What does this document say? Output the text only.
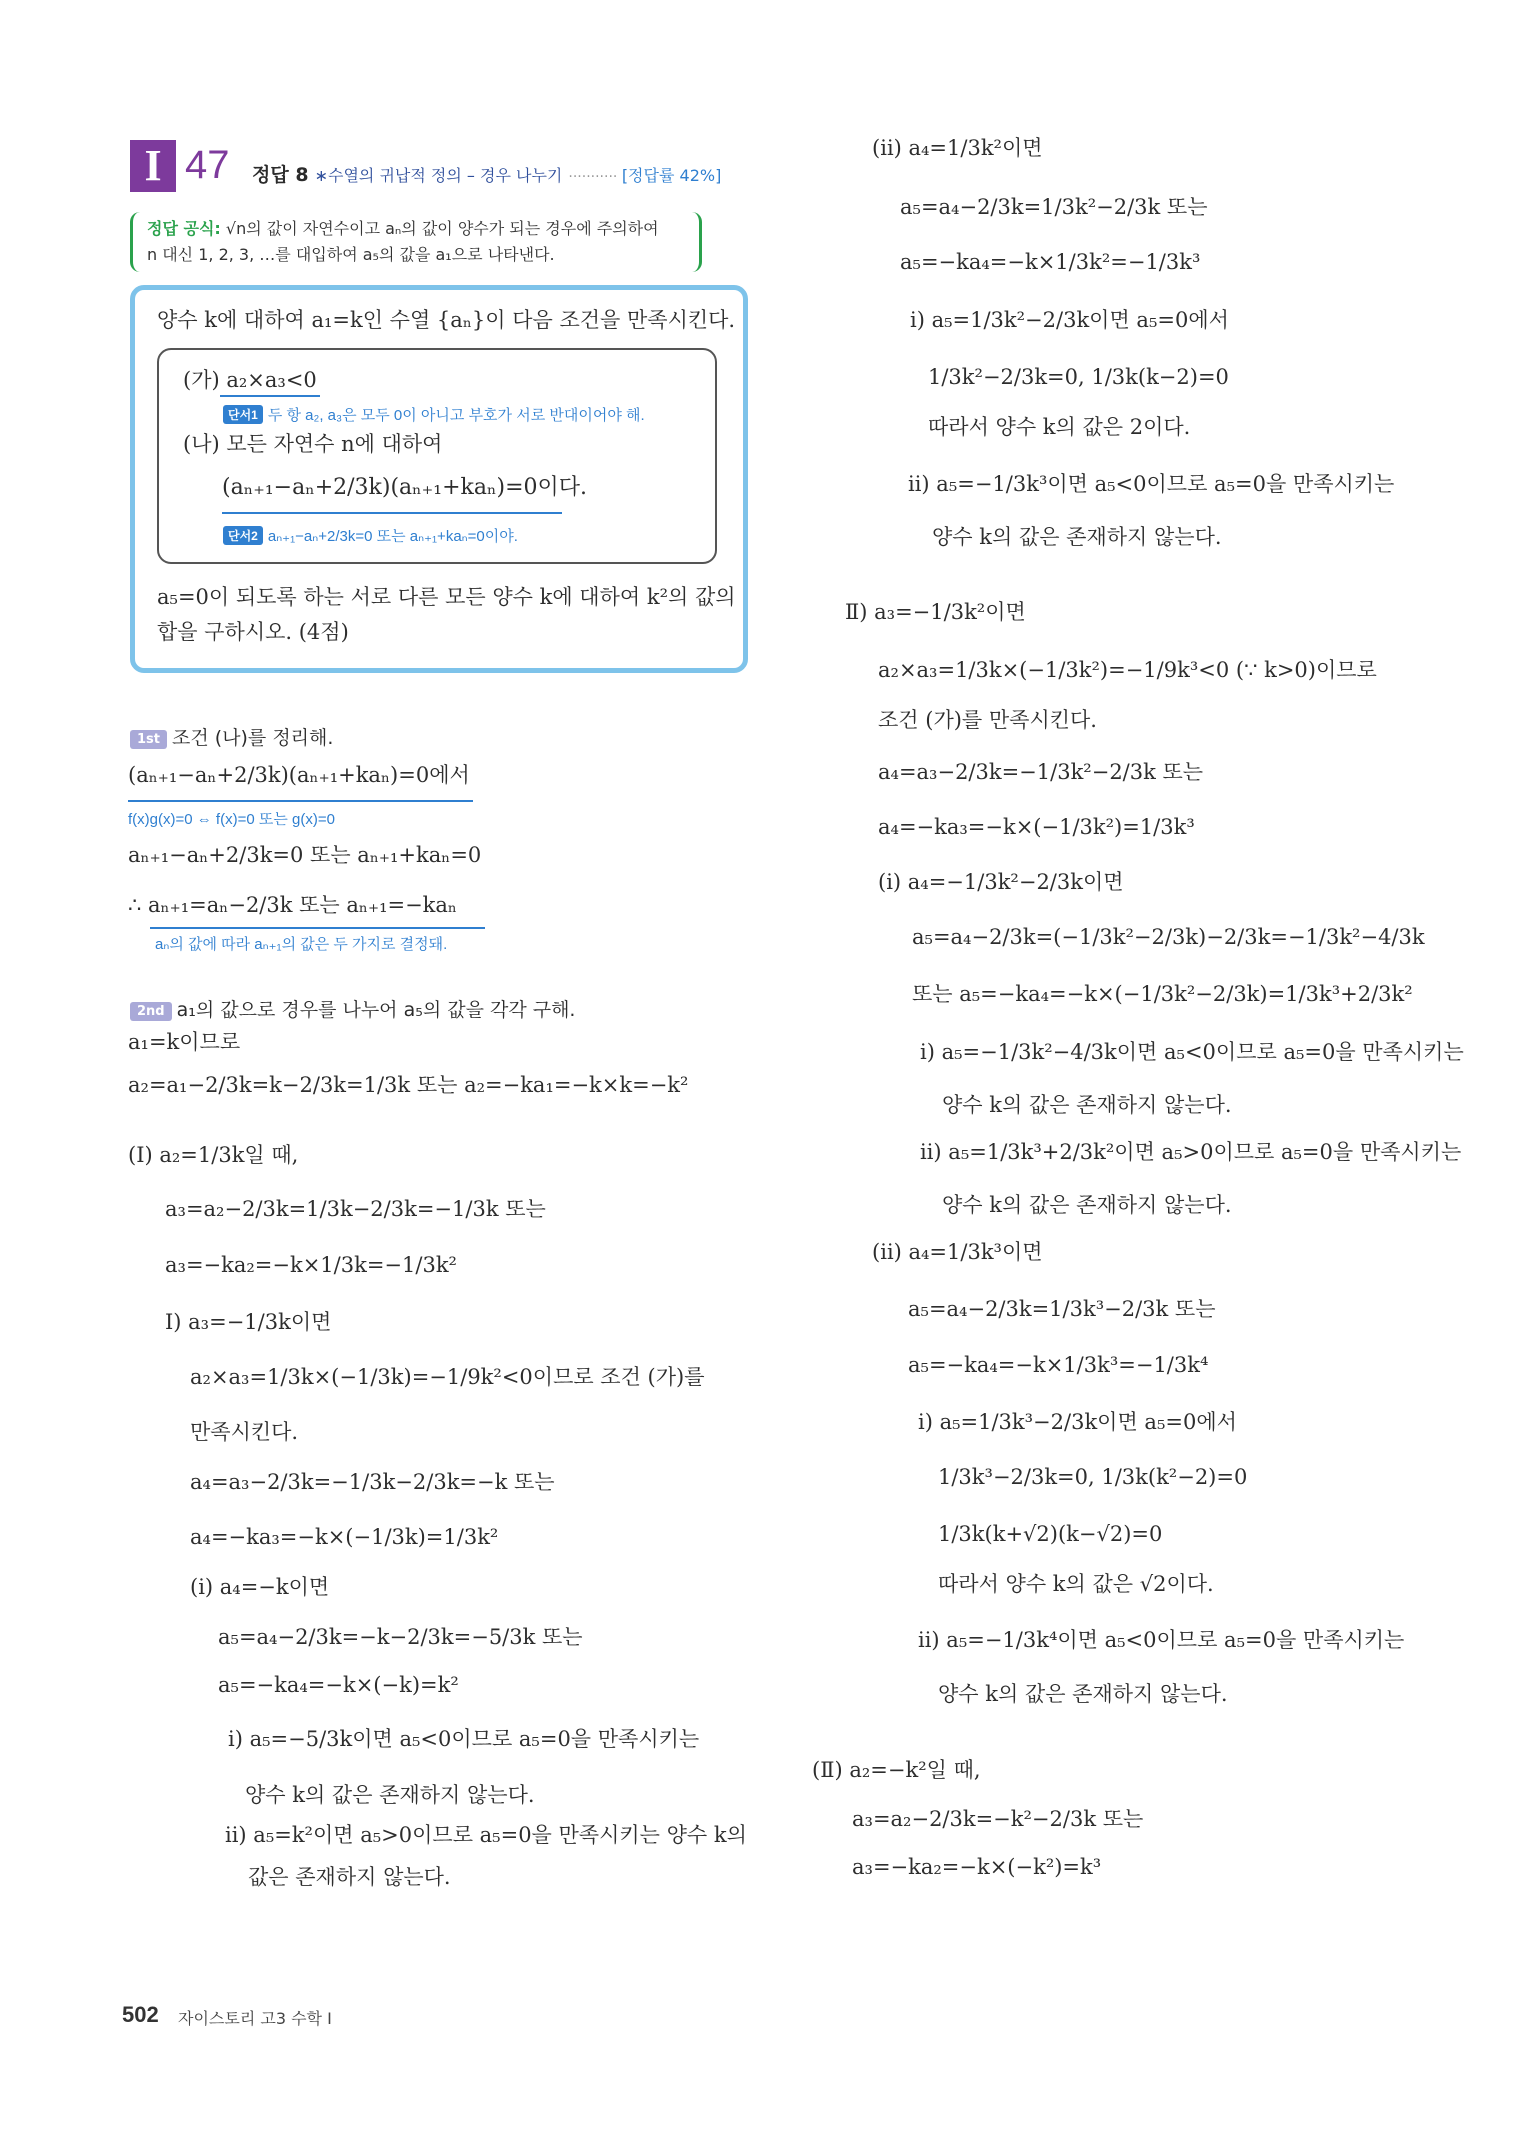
I 47 정답 8 ∗수열의 귀납적 정의 – 경우 나누기 ··········· [정답률 42%]
정답 공식: √n의 값이 자연수이고 aₙ의 값이 양수가 되는 경우에 주의하여
n 대신 1, 2, 3, …를 대입하여 a₅의 값을 a₁으로 나타낸다.
양수 k에 대하여 a₁=k인 수열 {aₙ}이 다음 조건을 만족시킨다.
(가) a₂×a₃<0
단서1 두 항 a₂, a₃은 모두 0이 아니고 부호가 서로 반대이어야 해.
(나) 모든 자연수 n에 대하여
(aₙ₊₁−aₙ+2/3k)(aₙ₊₁+kaₙ)=0이다.
단서2 aₙ₊₁−aₙ+2/3k=0 또는 aₙ₊₁+kaₙ=0이야.
a₅=0이 되도록 하는 서로 다른 모든 양수 k에 대하여 k²의 값의
합을 구하시오. (4점)
1st 조건 (나)를 정리해.
(aₙ₊₁−aₙ+2/3k)(aₙ₊₁+kaₙ)=0에서
f(x)g(x)=0 ⇔ f(x)=0 또는 g(x)=0
aₙ₊₁−aₙ+2/3k=0 또는 aₙ₊₁+kaₙ=0
∴ aₙ₊₁=aₙ−2/3k 또는 aₙ₊₁=−kaₙ
aₙ의 값에 따라 aₙ₊₁의 값은 두 가지로 결정돼.
2nd a₁의 값으로 경우를 나누어 a₅의 값을 각각 구해.
a₁=k이므로
a₂=a₁−2/3k=k−2/3k=1/3k 또는 a₂=−ka₁=−k×k=−k²
(Ⅰ) a₂=1/3k일 때,
a₃=a₂−2/3k=1/3k−2/3k=−1/3k 또는
a₃=−ka₂=−k×1/3k=−1/3k²
Ⅰ) a₃=−1/3k이면
a₂×a₃=1/3k×(−1/3k)=−1/9k²<0이므로 조건 (가)를
만족시킨다.
a₄=a₃−2/3k=−1/3k−2/3k=−k 또는
a₄=−ka₃=−k×(−1/3k)=1/3k²
(ⅰ) a₄=−k이면
a₅=a₄−2/3k=−k−2/3k=−5/3k 또는
a₅=−ka₄=−k×(−k)=k²
ⅰ) a₅=−5/3k이면 a₅<0이므로 a₅=0을 만족시키는
양수 k의 값은 존재하지 않는다.
ⅱ) a₅=k²이면 a₅>0이므로 a₅=0을 만족시키는 양수 k의
값은 존재하지 않는다.
(ⅱ) a₄=1/3k²이면
a₅=a₄−2/3k=1/3k²−2/3k 또는
a₅=−ka₄=−k×1/3k²=−1/3k³
ⅰ) a₅=1/3k²−2/3k이면 a₅=0에서
1/3k²−2/3k=0, 1/3k(k−2)=0
따라서 양수 k의 값은 2이다.
ⅱ) a₅=−1/3k³이면 a₅<0이므로 a₅=0을 만족시키는
양수 k의 값은 존재하지 않는다.
Ⅱ) a₃=−1/3k²이면
a₂×a₃=1/3k×(−1/3k²)=−1/9k³<0 (∵ k>0)이므로
조건 (가)를 만족시킨다.
a₄=a₃−2/3k=−1/3k²−2/3k 또는
a₄=−ka₃=−k×(−1/3k²)=1/3k³
(ⅰ) a₄=−1/3k²−2/3k이면
a₅=a₄−2/3k=(−1/3k²−2/3k)−2/3k=−1/3k²−4/3k
또는 a₅=−ka₄=−k×(−1/3k²−2/3k)=1/3k³+2/3k²
ⅰ) a₅=−1/3k²−4/3k이면 a₅<0이므로 a₅=0을 만족시키는
양수 k의 값은 존재하지 않는다.
ⅱ) a₅=1/3k³+2/3k²이면 a₅>0이므로 a₅=0을 만족시키는
양수 k의 값은 존재하지 않는다.
(ⅱ) a₄=1/3k³이면
a₅=a₄−2/3k=1/3k³−2/3k 또는
a₅=−ka₄=−k×1/3k³=−1/3k⁴
ⅰ) a₅=1/3k³−2/3k이면 a₅=0에서
1/3k³−2/3k=0, 1/3k(k²−2)=0
1/3k(k+√2)(k−√2)=0
따라서 양수 k의 값은 √2이다.
ⅱ) a₅=−1/3k⁴이면 a₅<0이므로 a₅=0을 만족시키는
양수 k의 값은 존재하지 않는다.
(Ⅱ) a₂=−k²일 때,
a₃=a₂−2/3k=−k²−2/3k 또는
a₃=−ka₂=−k×(−k²)=k³
502 자이스토리 고3 수학 Ⅰ
